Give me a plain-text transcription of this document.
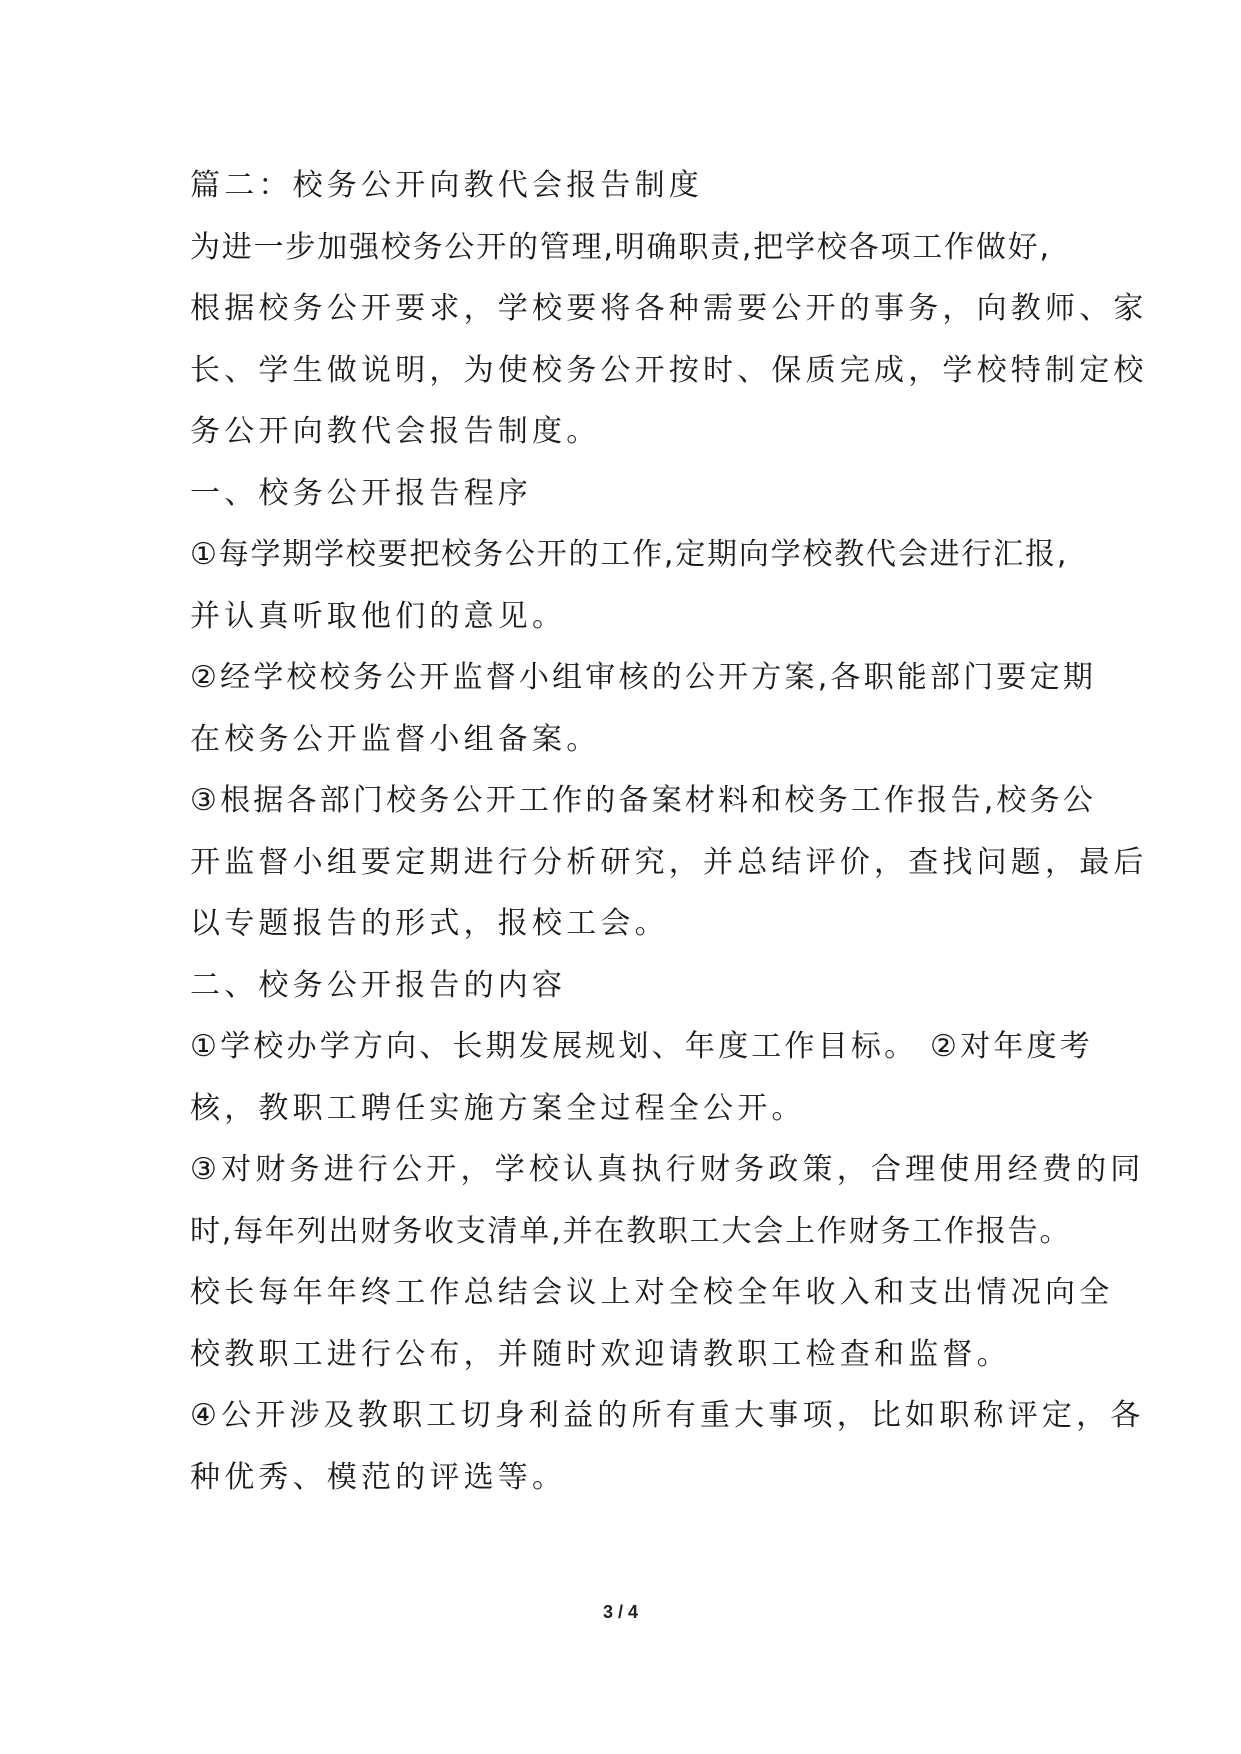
篇二：校务公开向教代会报告制度
为进一步加强校务公开的管理,明确职责,把学校各项工作做好,
根据校务公开要求，学校要将各种需要公开的事务，向教师、家
长、学生做说明，为使校务公开按时、保质完成，学校特制定校
务公开向教代会报告制度。
一、校务公开报告程序
①每学期学校要把校务公开的工作,定期向学校教代会进行汇报,
并认真听取他们的意见。
②经学校校务公开监督小组审核的公开方案,各职能部门要定期
在校务公开监督小组备案。
③根据各部门校务公开工作的备案材料和校务工作报告,校务公
开监督小组要定期进行分析研究，并总结评价，查找问题，最后
以专题报告的形式，报校工会。
二、校务公开报告的内容
①学校办学方向、长期发展规划、年度工作目标。 ②对年度考
核，教职工聘任实施方案全过程全公开。
③对财务进行公开，学校认真执行财务政策，合理使用经费的同
时,每年列出财务收支清单,并在教职工大会上作财务工作报告。
校长每年年终工作总结会议上对全校全年收入和支出情况向全
校教职工进行公布，并随时欢迎请教职工检查和监督。
④公开涉及教职工切身利益的所有重大事项，比如职称评定，各
种优秀、模范的评选等。
3 / 4
